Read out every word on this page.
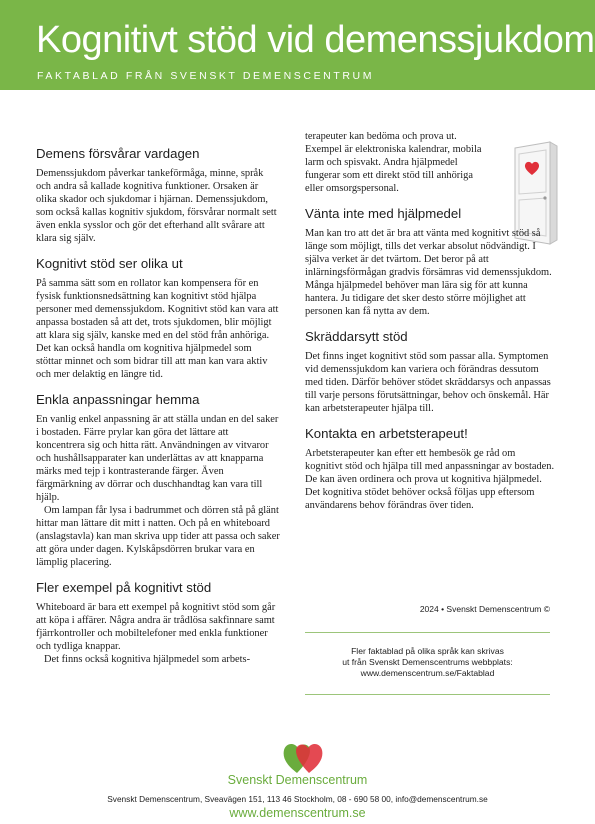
Kognitivt stöd vid demenssjukdom
FAKTABLAD FRÅN SVENSKT DEMENSCENTRUM
Demens försvårar vardagen

Demenssjukdom påverkar tankeförmåga, minne, språk och andra så kallade kognitiva funktioner. Orsaken är olika skador och sjukdomar i hjärnan. Demenssjukdom, som också kallas kognitiv sjukdom, försvårar normalt sett även enkla sysslor och gör det efterhand allt svårare att klara sig själv.

Kognitivt stöd ser olika ut

På samma sätt som en rollator kan kompensera för en fysisk funktionsnedsättning kan kognitivt stöd hjälpa personer med demenssjukdom. Kognitivt stöd kan vara att anpassa bostaden så att det, trots sjukdomen, blir möjligt att klara sig själv, kanske med en del stöd från anhöriga. Det kan också handla om kognitiva hjälpmedel som stöttar minnet och som bidrar till att man kan vara aktiv och mer delaktig en längre tid.

Enkla anpassningar hemma

En vanlig enkel anpassning är att ställa undan en del saker i bostaden. Färre prylar kan göra det lättare att koncentrera sig och hitta rätt. Användningen av vitvaror och hushållsapparater kan underlättas av att knapparna märks med tejp i kontrasterande färger. Även färgmärkning av dörrar och duschhandtag kan vara till hjälp.

Om lampan får lysa i badrummet och dörren stå på glänt hittar man lättare dit mitt i natten. Och på en whiteboard (anslagstavla) kan man skriva upp tider att passa och saker att göra under dagen. Kylskåpsdörren brukar vara en lämplig placering.

Fler exempel på kognitivt stöd

Whiteboard är bara ett exempel på kognitivt stöd som går att köpa i affärer. Några andra är trådlösa sakfinnare samt fjärrkontroller och mobiltelefoner med enkla funktioner och tydliga knappar.

Det finns också kognitiva hjälpmedel som arbets-

terapeuter kan bedöma och prova ut. Exempel är elektroniska kalendrar, mobila larm och spisvakt. Andra hjälpmedel fungerar som ett direkt stöd till anhöriga eller omsorgspersonal.

Vänta inte med hjälpmedel

Man kan tro att det är bra att vänta med kognitivt stöd så länge som möjligt, tills det verkar absolut nödvändigt. I själva verket är det tvärtom. Det beror på att inlärningsförmågan gradvis försämras vid demenssjukdom. Många hjälpmedel behöver man lära sig för att kunna hantera. Ju tidigare det sker desto större möjlighet att personen kan få nytta av dem.

Skräddarsytt stöd

Det finns inget kognitivt stöd som passar alla. Symptomen vid demenssjukdom kan variera och förändras dessutom med tiden. Därför behöver stödet skräddarsys och anpassas till varje persons förutsättningar, behov och önskemål. Här kan arbetsterapeuter hjälpa till.

Kontakta en arbetsterapeut!

Arbetsterapeuter kan efter ett hembesök ge råd om kognitivt stöd och hjälpa till med anpassningar av bostaden. De kan även ordinera och prova ut kognitiva hjälpmedel. Det kognitiva stödet behöver också följas upp eftersom användarens behov förändras över tiden.

2024 • Svenskt Demenscentrum ©
Fler faktablad på olika språk kan skrivas
ut från Svenskt Demenscentrums webbplats:
www.demenscentrum.se/Faktablad
Svenskt Demenscentrum
Svenskt Demenscentrum, Sveavägen 151, 113 46 Stockholm, 08 - 690 58 00, info@demenscentrum.se
www.demenscentrum.se
